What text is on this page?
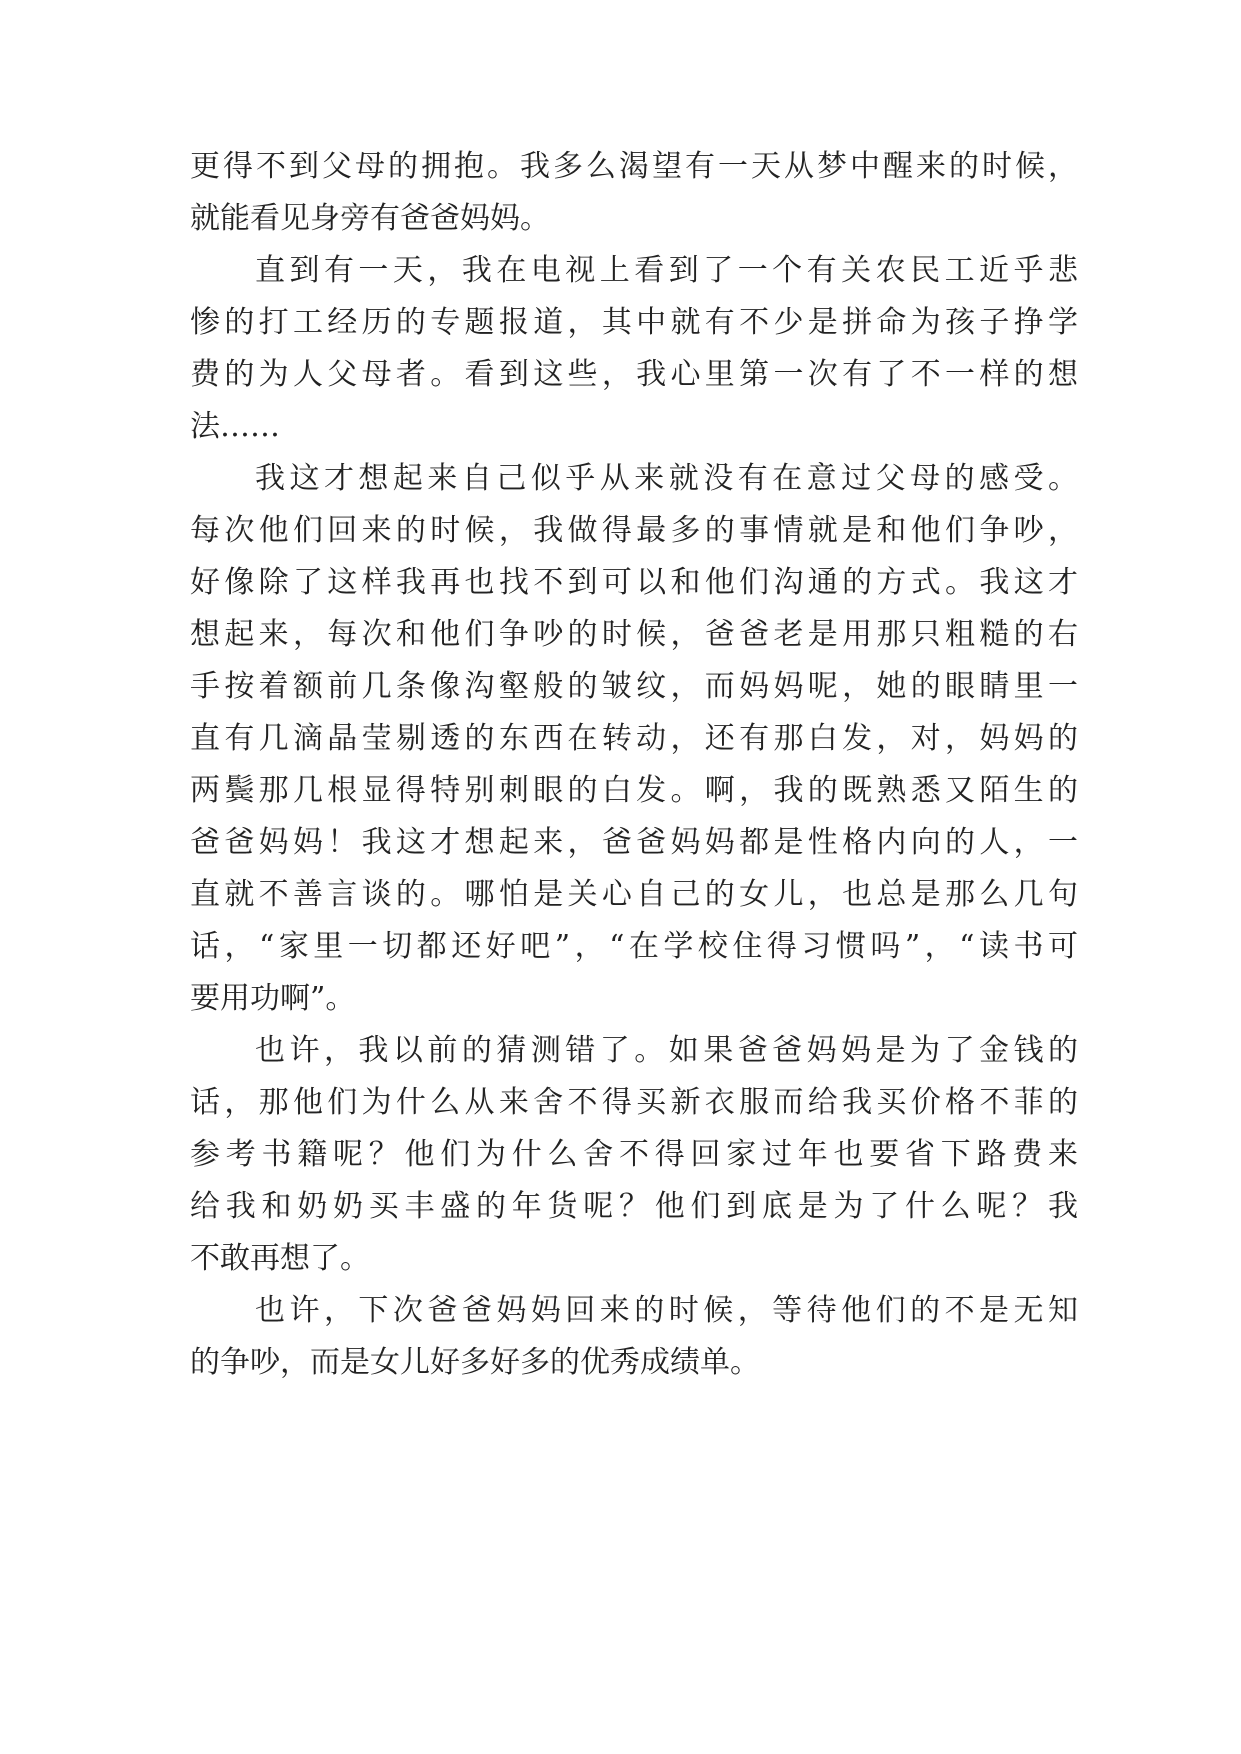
更得不到父母的拥抱。我多么渴望有一天从梦中醒来的时候，

就能看见身旁有爸爸妈妈。

直到有一天，我在电视上看到了一个有关农民工近乎悲

惨的打工经历的专题报道，其中就有不少是拼命为孩子挣学

费的为人父母者。看到这些，我心里第一次有了不一样的想

法……

我这才想起来自己似乎从来就没有在意过父母的感受。

每次他们回来的时候，我做得最多的事情就是和他们争吵，

好像除了这样我再也找不到可以和他们沟通的方式。我这才

想起来，每次和他们争吵的时候，爸爸老是用那只粗糙的右

手按着额前几条像沟壑般的皱纹，而妈妈呢，她的眼睛里一

直有几滴晶莹剔透的东西在转动，还有那白发，对，妈妈的

两鬓那几根显得特别刺眼的白发。啊，我的既熟悉又陌生的

爸爸妈妈！我这才想起来，爸爸妈妈都是性格内向的人，一

直就不善言谈的。哪怕是关心自己的女儿，也总是那么几句

话，“家里一切都还好吧”，“在学校住得习惯吗”，“读书可

要用功啊”。

也许，我以前的猜测错了。如果爸爸妈妈是为了金钱的

话，那他们为什么从来舍不得买新衣服而给我买价格不菲的

参考书籍呢？他们为什么舍不得回家过年也要省下路费来

给我和奶奶买丰盛的年货呢？他们到底是为了什么呢？我

不敢再想了。

也许，下次爸爸妈妈回来的时候，等待他们的不是无知

的争吵，而是女儿好多好多的优秀成绩单。
